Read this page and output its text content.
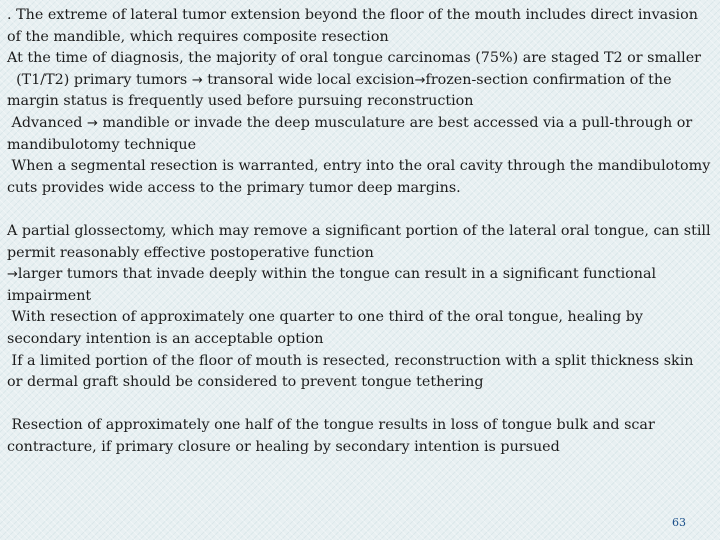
. The extreme of lateral tumor extension beyond the floor of the mouth includes direct invasion of the mandible, which requires composite resection

At the time of diagnosis, the majority of oral tongue carcinomas (75%) are staged T2 or smaller

(T1/T2) primary tumors → transoral wide local excision→frozen-section confirmation of the margin status is frequently used before pursuing reconstruction

Advanced → mandible or invade the deep musculature are best accessed via a pull-through or mandibulotomy technique

When a segmental resection is warranted, entry into the oral cavity through the mandibulotomy cuts provides wide access to the primary tumor deep margins.

A partial glossectomy, which may remove a significant portion of the lateral oral tongue, can still permit reasonably effective postoperative function

→larger tumors that invade deeply within the tongue can result in a significant functional impairment

With resection of approximately one quarter to one third of the oral tongue, healing by secondary intention is an acceptable option

If a limited portion of the floor of mouth is resected, reconstruction with a split thickness skin or dermal graft should be considered to prevent tongue tethering

Resection of approximately one half of the tongue results in loss of tongue bulk and scar contracture, if primary closure or healing by secondary intention is pursued

63
